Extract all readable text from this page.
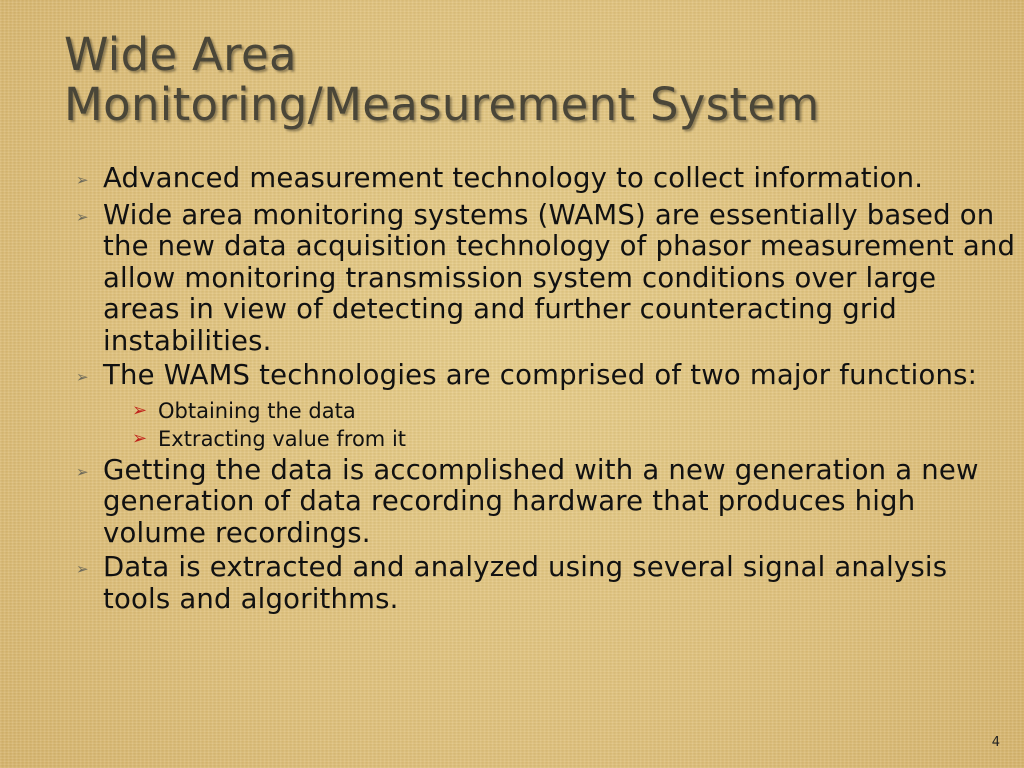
Wide Area
Monitoring/Measurement System
➢ Advanced measurement technology to collect information.
➢ Wide area monitoring systems (WAMS) are essentially based on the new data acquisition technology of phasor measurement and allow monitoring transmission system conditions over large areas in view of detecting and further counteracting grid instabilities.
➢ The WAMS technologies are comprised of two major functions:
➢ Obtaining the data
➢ Extracting value from it
➢ Getting the data is accomplished with a new generation a new generation of data recording hardware that produces high volume recordings.
➢ Data is extracted and analyzed using several signal analysis tools and algorithms.
4
